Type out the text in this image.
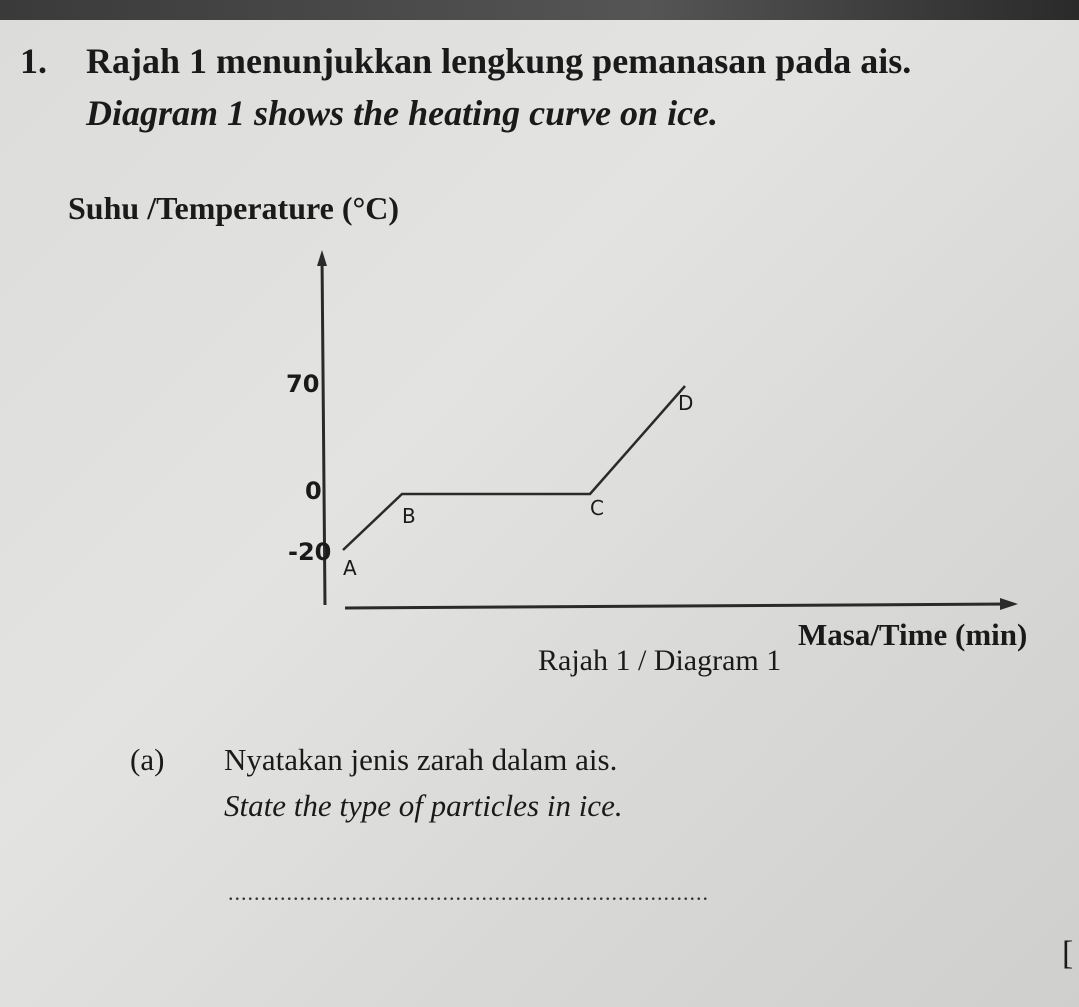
1. Rajah 1 menunjukkan lengkung pemanasan pada ais.

Diagram 1 shows the heating curve on ice.

Suhu /Temperature (°C)

70
0
-20
A
B	C
D

Masa/Time (min)

Rajah 1 / Diagram 1

(a) Nyatakan jenis zarah dalam ais.

State the type of particles in ice.

..........................................................................

[
